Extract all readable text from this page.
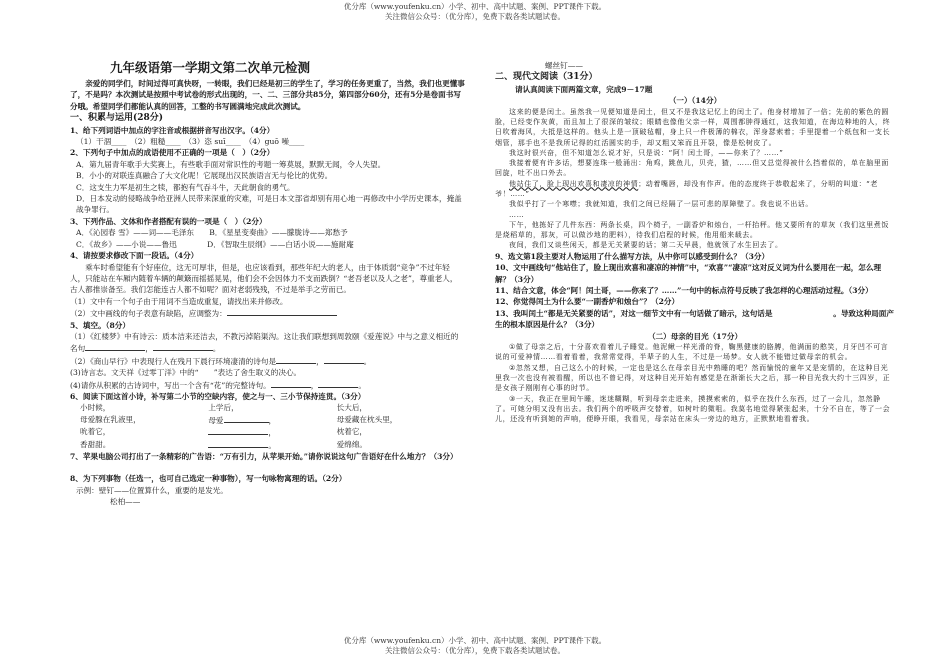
优分库（www.youfenku.cn）小学、初中、高中试题、案例、PPT课件下载。
关注微信公众号：（优分库），免费下载各类试题试卷。
九年级语第一学期文第二次单元检测

亲爱的同学们，时间过得可真快呀，一转眼，我们已经是初三的学生了，学习的任务更重了，当然，我们也更懂事了，不是吗？本次测试是按照中考试卷的形式出现的，一、二、三部分共85分，第四部分60分，还有5分是卷面书写分哦。希望同学们都能认真的回答，工整的书写圆满地完成此次测试。

一、积累与运用(28分)

1、给下列词语中加点的字注音或根据拼音写出汉字。（4分）

（1）干涸____　（2）粗糙____　（3）恣 suī____　（4）guō 噪____

2、下列句子中加点的成语使用不正确的一项是（　）（2分）

A．第九届青年歌手大奖赛上，有些歌手面对常识性的考题一筹莫展，默默无闻，令人失望。

B．小小的对联连真融合了大文化呢！它展现出汉民族语言无与伦比的优势。

C．这支生力军是初生之犊，都抱有气吞斗牛，天此朝食的勇气。

D．日本发动的侵略战争给亚洲人民带来深重的灾难，可是日本文部省却别有用心地一再修改中小学历史课本，掩盖战争罪行。

3、下列作品、文体和作者搭配有误的一项是（　）（2分）

A．《沁园春 雪》——词——毛泽东　　B．《星星变奏曲》——朦胧诗——郑愁予

C．《故乡》——小说——鲁迅　　　　D．《智取生辰纲》——白话小说——施耐庵

4、请按要求修改下面一段话。（4分）

乘车时希望能有个好座位，这无可厚非，但是，也应该看到，那些年纪大的老人，由于体质弱“竞争”不过年轻人，只能站在车厢内随着车辆的颠簸而摇摇晃晃，他们会不会因体力不支而跌倒？“老吾老以及人之老”，尊重老人，古人都推崇备至。我们怎能连古人都不如呢？面对老弱残残，不过是举手之劳而已。

（1）文中有一个句子由于用词不当造成重复，请找出来并修改。

（2）文中画线的句子表意有缺陷，应调整为：

5、填空。（8分）

（1）《红楼梦》中有诗云：质本洁来还洁去，不教污淖陷渠沟。这让我们联想到周敦颐《爱莲说》中与之意义相近的名句	，	。

（2）《商山早行》中表现行人在残月下晨行环境凄清的诗句是	，	。

(3)诗言志。文天祥《过零丁洋》中的“　　”表达了舍生取义的决心。

(4)请你从积累的古诗词中，写出一个含有“花”的完整诗句。	，	。

6、阅读下面这首小诗，补写第二小节的空缺内容，使之与一、三小节保持连贯。（3分）

小时候，	上学后，	长大后，
母爱腺在乳液里，	母爱	，	母爱藏在枕头里，
吮着它，	，	枕着它，
香甜甜。	。	爱绵绵。

7、苹果电脑公司打出了一条精彩的广告语：“万有引力，从苹果开始。”请你说说这句广告语好在什么地方？（3分）

8、为下列事物（任选一，也可自己选定一种事物），写一句咏物寓理的话。（2分）

示例：壁钉——位置算什么，重要的是发光。

松柏——

螺丝钉——

二、现代文阅读（31分）

请认真阅读下面两篇文章，完成9－17题

（一）（14分）

这来的便是闰土。虽然我一见便知道是闰土，但又不是我这记忆上的闰土了。他身材增加了一倍；先前的紫色的圆脸，已经变作灰黄，而且加上了很深的皱纹；眼睛也像他父亲一样，周围都肿得通红，这我知道，在海边种地的人，终日吹着海风，大抵是这样的。他头上是一顶破毡帽，身上只一件极薄的棉衣，浑身瑟索着；手里提着一个纸包和一支长烟管，那手也不是我所记得的红活圆实的手，却又粗又笨而且开裂，像是松树皮了。

我这时很兴奋，但不知道怎么说才好，只是说：“阿！闰土哥，——你来了？……”

我接着便有许多话，想要连珠一般涌出：角鸡，跳鱼儿，贝壳，猹，……但又总觉得被什么挡着似的，单在脑里面回旋，吐不出口外去。

他站住了，脸上现出欢喜和凄凉的神情；动着嘴唇，却没有作声。他的态度终于恭敬起来了，分明的叫道：“老爷！……”

我似乎打了一个寒噤；我就知道，我们之间已经隔了一层可悲的厚障壁了。我也说不出话。

……

下午，他拣好了几件东西：两条长桌，四个椅子，一副香炉和烛台，一杆抬秤。他又要所有的草灰（我们这里煮饭是烧稻草的，那灰，可以做沙地的肥料），待我们启程的时候，他用船来载去。

夜间，我们又谈些闲天，都是无关紧要的话；第二天早晨，他就领了水生回去了。

9、选文第1段主要对人物运用了什么描写方法，从中你可以感受到什么？（3分）

10、文中画线句“他站住了，脸上现出欢喜和凄凉的神情”中，“欢喜”“凄凉”这对反义词为什么要用在一起，怎么理解？（3分）

11、结合文意，体会“阿！闰土哥，——你来了？……”一句中的标点符号反映了我怎样的心理活动过程。（3分）

12、你觉得闰土为什么要“一副香炉和烛台”？（2分）

13、我叫闰土“都是无关紧要的话”，对这一细节文中有一句话做了暗示，这句话是　　　　　　　　。导致这种局面产生的根本原因是什么？（3分）

（二）母亲的目光（17分）

①做了母亲之后，十分喜欢看着儿子睡觉。他泥鳅一样光滑的脊，鞠黑健康的胳膊，他满面的憨笑，月牙凹不可言说的可爱神情……看着看着，我常常觉得，半辈子的人生，不过是一场梦。女人就不能错过做母亲的机会。

②忽然又想，自己这么小的时候，一定也是这么在母亲目光中熟睡的吧？然而愉悦的童年又是宠情的，在这种目光里我一次也没有被看醒，所以也不曾记得，对这种目光开始有感觉是在渐渐长大之后，那一种目光我大约十三四岁，正是女孩子刚刚有心事的时节。

③一天，我正在里间午睡，迷迷糊糊，听到母亲走进来，摸摸索索的，似乎在找什么东西，过了一会儿，忽然静了。可她分明又没有出去。我们两个的呼吸声交替着，如树叶的微咀。我莫名地觉得紧张起来，十分不自在，等了一会儿，还没有听到她的声响，便睁开眼，我看见，母亲站在床头一旁边的地方，正默默地看着我。

优分库（www.youfenku.cn）小学、初中、高中试题、案例、PPT课件下载。
关注微信公众号：（优分库），免费下载各类试题试卷。
